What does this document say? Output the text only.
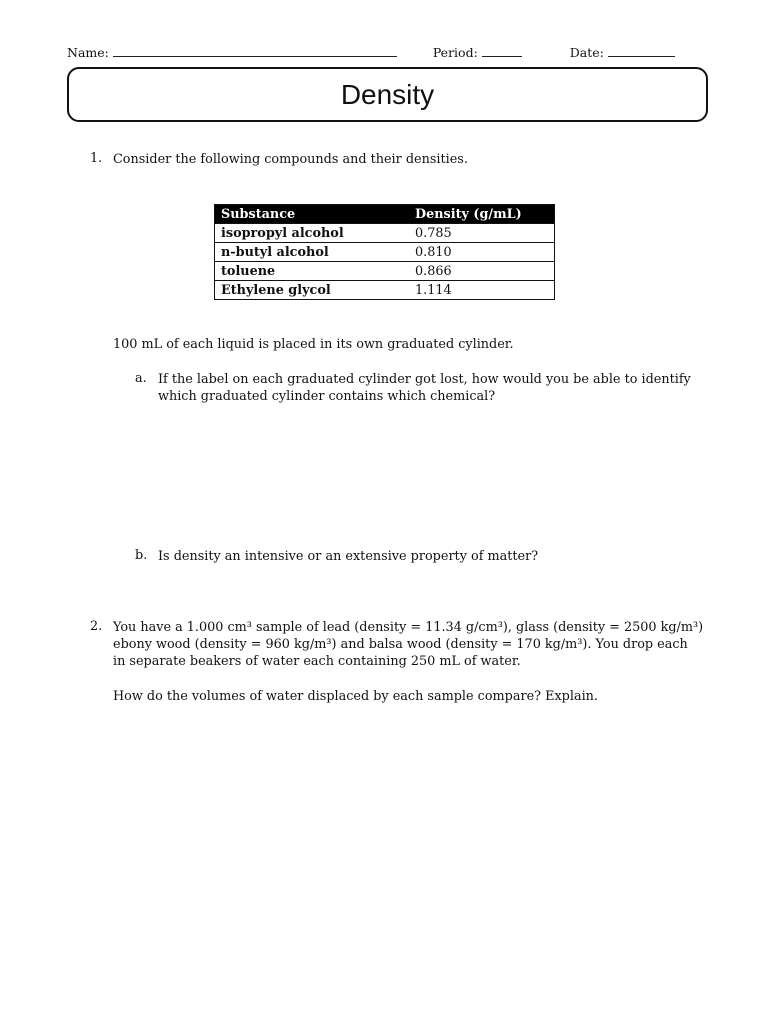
Name:	Period:	Date:
Density
1. Consider the following compounds and their densities.
Substance	Density (g/mL)
isopropyl alcohol	0.785
n-butyl alcohol	0.810
toluene	0.866
Ethylene glycol	1.114
100 mL of each liquid is placed in its own graduated cylinder.
a. If the label on each graduated cylinder got lost, how would you be able to identify
which graduated cylinder contains which chemical?
b. Is density an intensive or an extensive property of matter?
2. You have a 1.000 cm³ sample of lead (density = 11.34 g/cm³), glass (density = 2500 kg/m³)
ebony wood (density = 960 kg/m³) and balsa wood (density = 170 kg/m³). You drop each
in separate beakers of water each containing 250 mL of water.
How do the volumes of water displaced by each sample compare? Explain.
